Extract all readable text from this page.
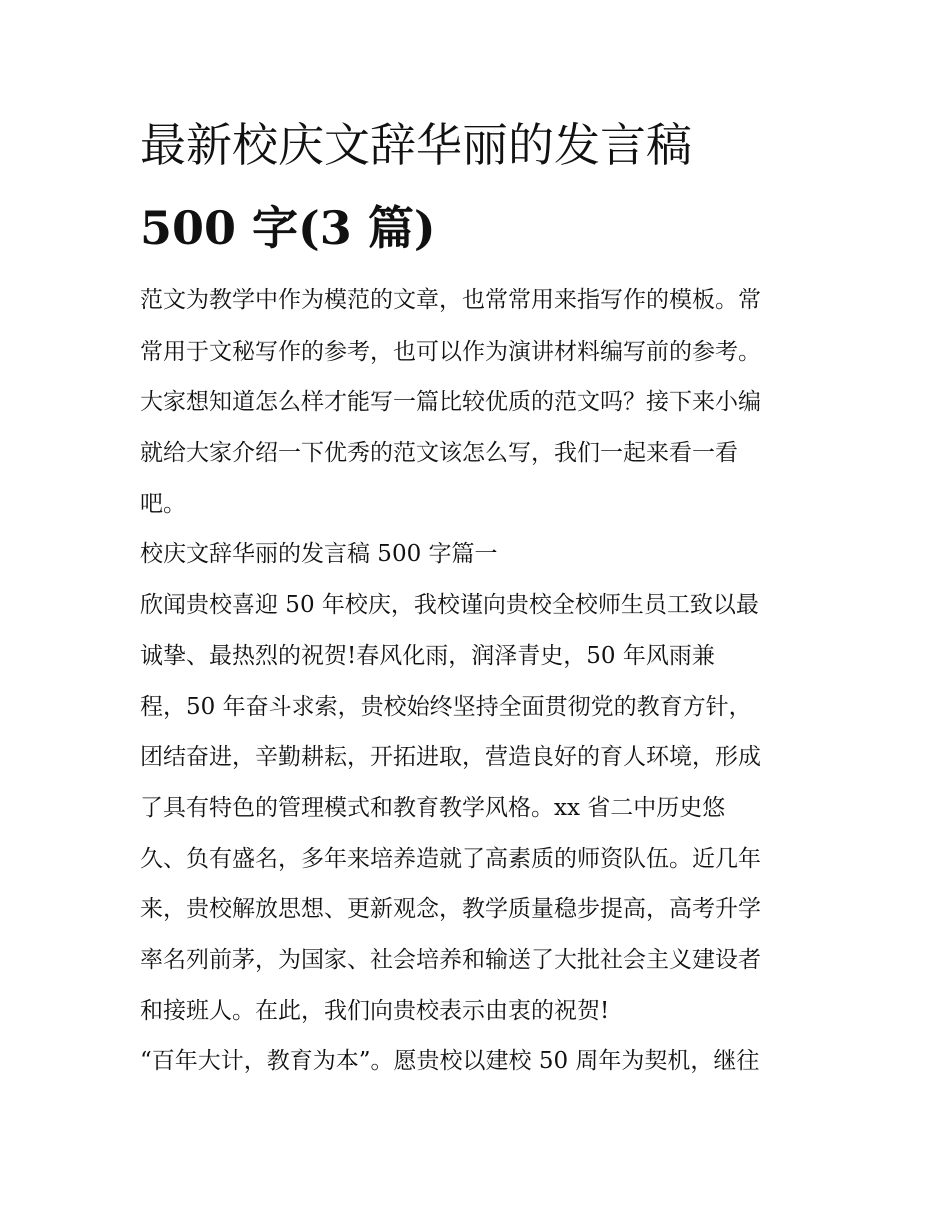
最新校庆文辞华丽的发言稿
500 字(3 篇)
范文为教学中作为模范的文章，也常常用来指写作的模板。常
常用于文秘写作的参考，也可以作为演讲材料编写前的参考。
大家想知道怎么样才能写一篇比较优质的范文吗？接下来小编
就给大家介绍一下优秀的范文该怎么写，我们一起来看一看
吧。
校庆文辞华丽的发言稿 500 字篇一
欣闻贵校喜迎 50 年校庆，我校谨向贵校全校师生员工致以最
诚挚、最热烈的祝贺!春风化雨，润泽青史，50 年风雨兼
程，50 年奋斗求索，贵校始终坚持全面贯彻党的教育方针，
团结奋进，辛勤耕耘，开拓进取，营造良好的育人环境，形成
了具有特色的管理模式和教育教学风格。xx 省二中历史悠
久、负有盛名，多年来培养造就了高素质的师资队伍。近几年
来，贵校解放思想、更新观念，教学质量稳步提高，高考升学
率名列前茅，为国家、社会培养和输送了大批社会主义建设者
和接班人。在此，我们向贵校表示由衷的祝贺!
“百年大计，教育为本”。愿贵校以建校 50 周年为契机，继往
